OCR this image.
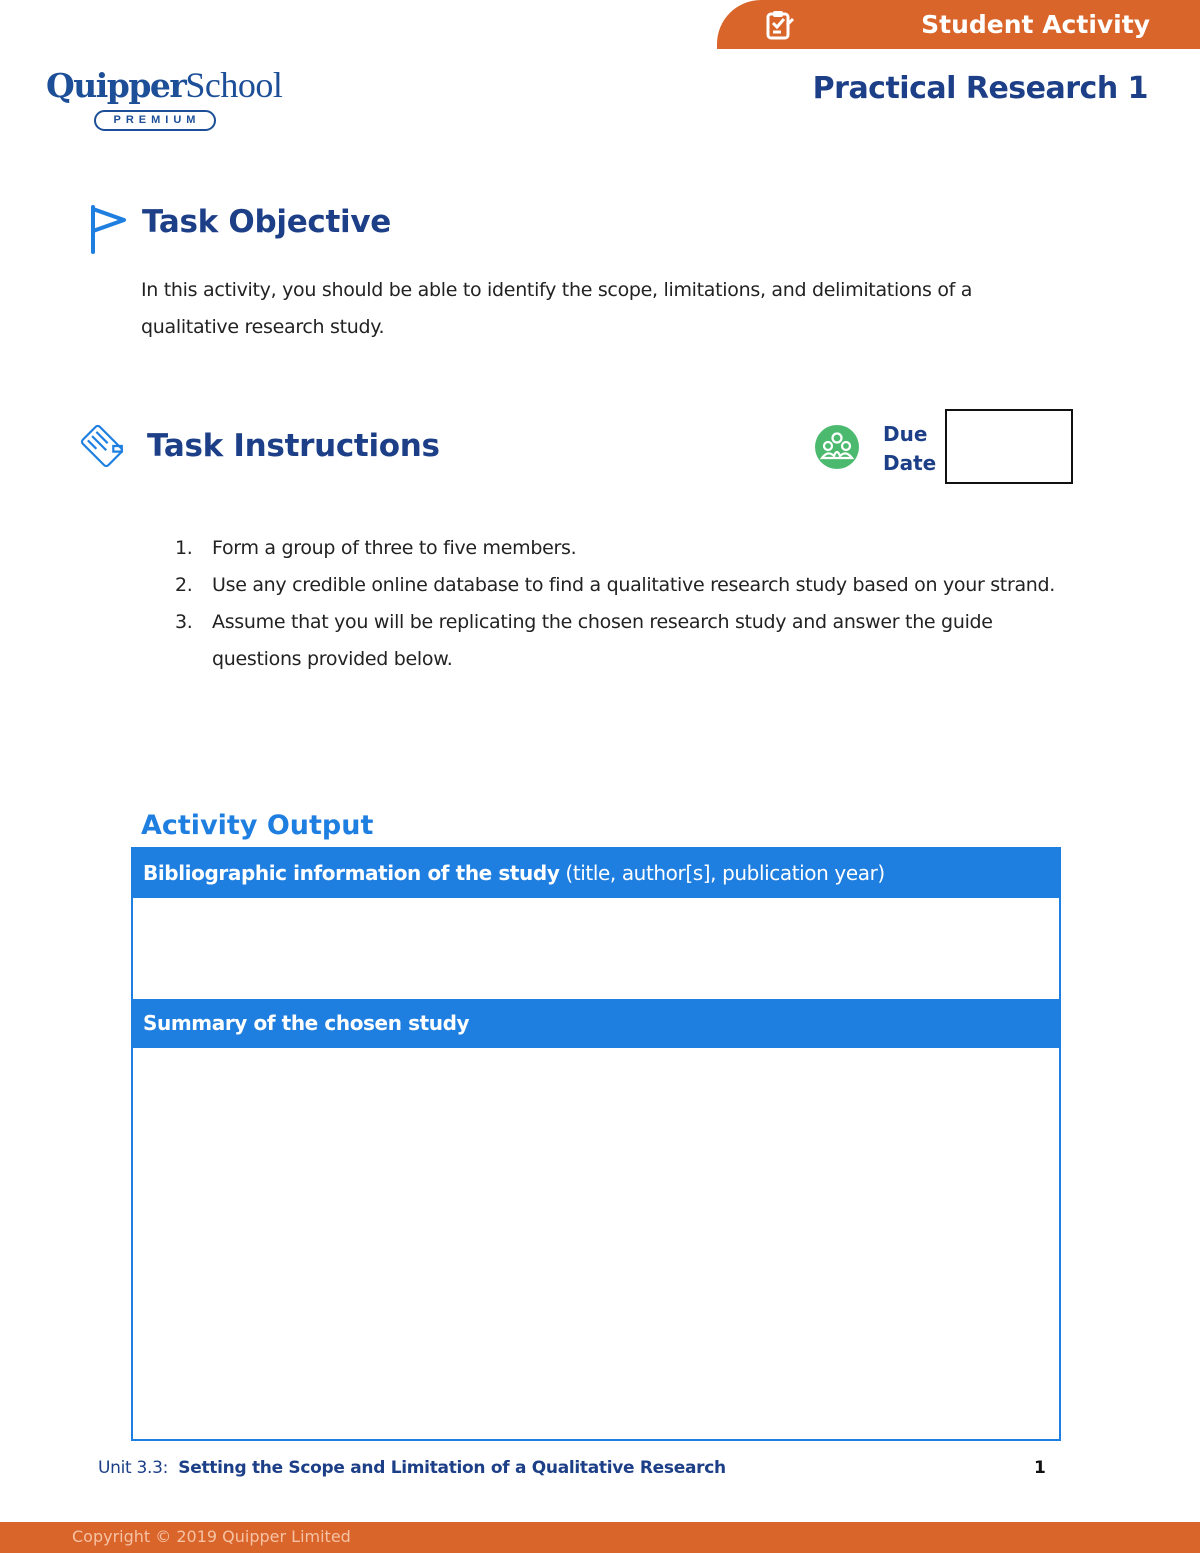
Student Activity
QuipperSchool
PREMIUM
Practical Research 1
Task Objective

In this activity, you should be able to identify the scope, limitations, and delimitations of a qualitative research study.

Task Instructions	Due Date
1. Form a group of three to five members.
2. Use any credible online database to find a qualitative research study based on your strand.
3. Assume that you will be replicating the chosen research study and answer the guide questions provided below.
Activity Output
Bibliographic information of the study (title, author[s], publication year)
Summary of the chosen study
Unit 3.3: Setting the Scope and Limitation of a Qualitative Research	1
Copyright © 2019 Quipper Limited
